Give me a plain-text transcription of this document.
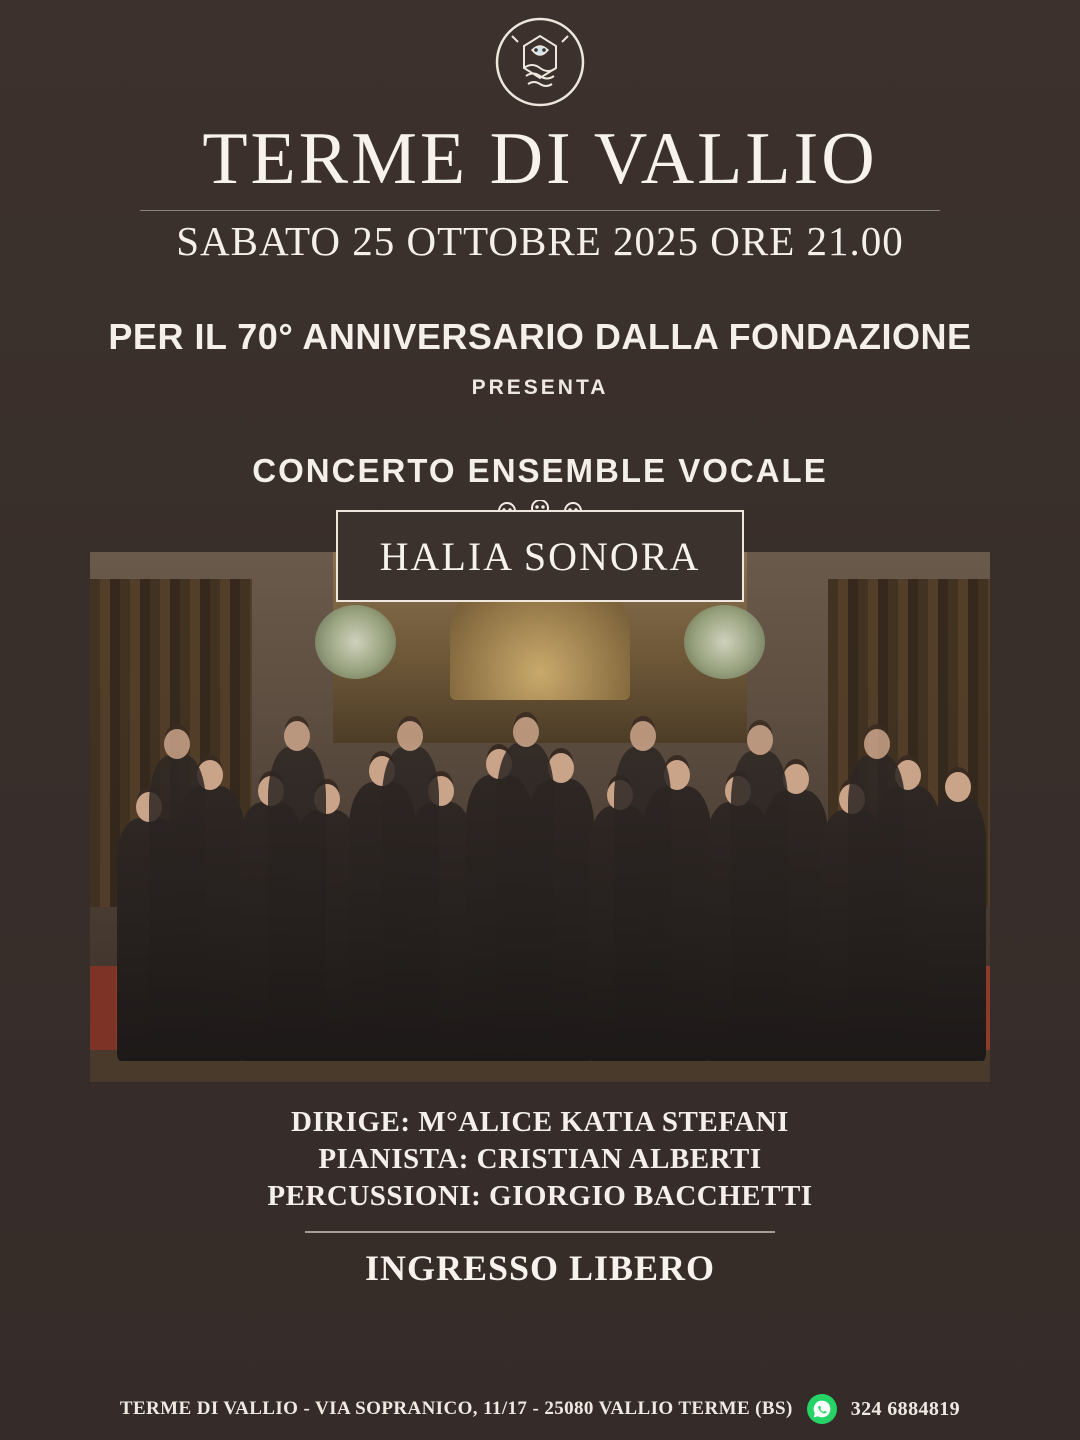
TERME DI VALLIO
SABATO 25 OTTOBRE 2025 ORE 21.00
PER IL 70° ANNIVERSARIO DALLA FONDAZIONE
PRESENTA
CONCERTO ENSEMBLE VOCALE
HALIA SONORA
DIRIGE: M°ALICE KATIA STEFANI
PIANISTA: CRISTIAN ALBERTI
PERCUSSIONI: GIORGIO BACCHETTI
INGRESSO LIBERO
TERME DI VALLIO - VIA SOPRANICO, 11/17 - 25080 VALLIO TERME (BS)	324 6884819
